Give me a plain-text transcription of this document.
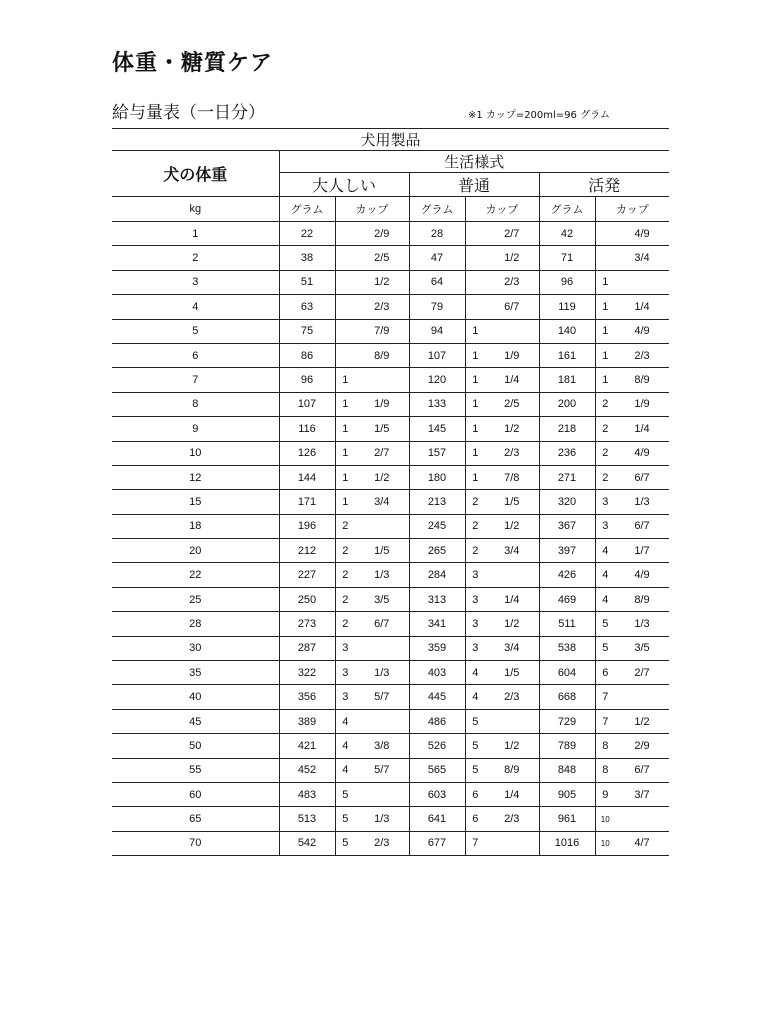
体重・糖質ケア
給与量表（一日分）	※1 カップ=200ml=96 グラム
犬用製品									
犬の体重	生活様式								
	大人しい			普通			活発		
kg	グラム	カップ		グラム	カップ		グラム	カップ	
1	22		2/9	28		2/7	42		4/9
2	38		2/5	47		1/2	71		3/4
3	51		1/2	64		2/3	96	1	
4	63		2/3	79		6/7	119	1	1/4
5	75		7/9	94	1		140	1	4/9
6	86		8/9	107	1	1/9	161	1	2/3
7	96	1		120	1	1/4	181	1	8/9
8	107	1	1/9	133	1	2/5	200	2	1/9
9	116	1	1/5	145	1	1/2	218	2	1/4
10	126	1	2/7	157	1	2/3	236	2	4/9
12	144	1	1/2	180	1	7/8	271	2	6/7
15	171	1	3/4	213	2	1/5	320	3	1/3
18	196	2		245	2	1/2	367	3	6/7
20	212	2	1/5	265	2	3/4	397	4	1/7
22	227	2	1/3	284	3		426	4	4/9
25	250	2	3/5	313	3	1/4	469	4	8/9
28	273	2	6/7	341	3	1/2	511	5	1/3
30	287	3		359	3	3/4	538	5	3/5
35	322	3	1/3	403	4	1/5	604	6	2/7
40	356	3	5/7	445	4	2/3	668	7	
45	389	4		486	5		729	7	1/2
50	421	4	3/8	526	5	1/2	789	8	2/9
55	452	4	5/7	565	5	8/9	848	8	6/7
60	483	5		603	6	1/4	905	9	3/7
65	513	5	1/3	641	6	2/3	961	10	
70	542	5	2/3	677	7		1016	10	4/7
